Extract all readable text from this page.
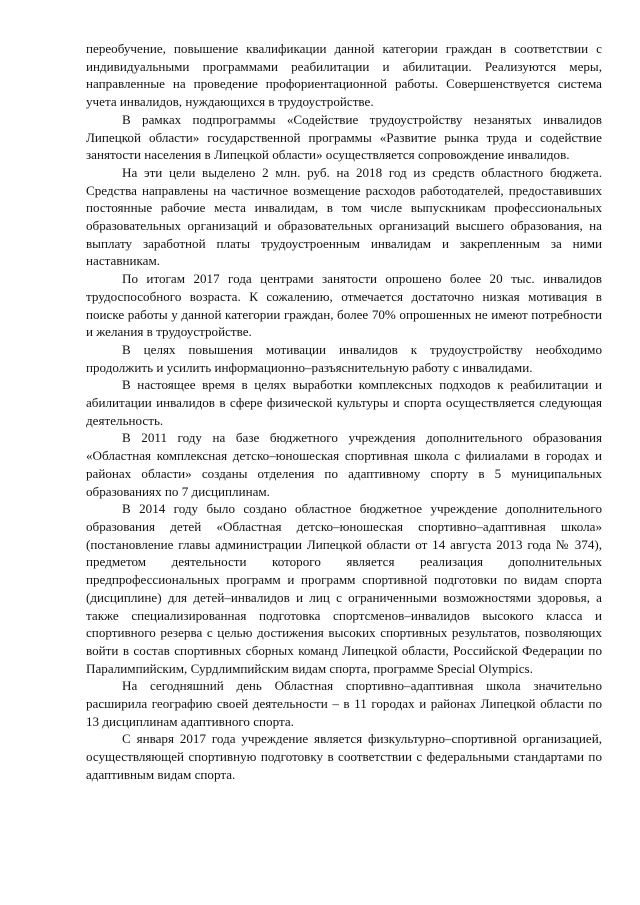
переобучение, повышение квалификации данной категории граждан в соответствии с индивидуальными программами реабилитации и абилитации. Реализуются меры, направленные на проведение профориентационной работы. Совершенствуется система учета инвалидов, нуждающихся в трудоустройстве.

В рамках подпрограммы «Содействие трудоустройству незанятых инвалидов Липецкой области» государственной программы «Развитие рынка труда и содействие занятости населения в Липецкой области» осуществляется сопровождение инвалидов.

На эти цели выделено 2 млн. руб. на 2018 год из средств областного бюджета. Средства направлены на частичное возмещение расходов работодателей, предоставивших постоянные рабочие места инвалидам, в том числе выпускникам профессиональных образовательных организаций и образовательных организаций высшего образования, на выплату заработной платы трудоустроенным инвалидам и закрепленным за ними наставникам.

По итогам 2017 года центрами занятости опрошено более 20 тыс. инвалидов трудоспособного возраста. К сожалению, отмечается достаточно низкая мотивация в поиске работы у данной категории граждан, более 70% опрошенных не имеют потребности и желания в трудоустройстве.

В целях повышения мотивации инвалидов к трудоустройству необходимо продолжить и усилить информационно–разъяснительную работу с инвалидами.

В настоящее время в целях выработки комплексных подходов к реабилитации и абилитации инвалидов в сфере физической культуры и спорта осуществляется следующая деятельность.

В 2011 году на базе бюджетного учреждения дополнительного образования «Областная комплексная детско–юношеская спортивная школа с филиалами в городах и районах области» созданы отделения по адаптивному спорту в 5 муниципальных образованиях по 7 дисциплинам.

В 2014 году было создано областное бюджетное учреждение дополнительного образования детей «Областная детско–юношеская спортивно–адаптивная школа» (постановление главы администрации Липецкой области от 14 августа 2013 года № 374), предметом деятельности которого является реализация дополнительных предпрофессиональных программ и программ спортивной подготовки по видам спорта (дисциплине) для детей–инвалидов и лиц с ограниченными возможностями здоровья, а также специализированная подготовка спортсменов–инвалидов высокого класса и спортивного резерва с целью достижения высоких спортивных результатов, позволяющих войти в состав спортивных сборных команд Липецкой области, Российской Федерации по Паралимпийским, Сурдлимпийским видам спорта, программе Special Olympics.

На сегодняшний день Областная спортивно–адаптивная школа значительно расширила географию своей деятельности – в 11 городах и районах Липецкой области по 13 дисциплинам адаптивного спорта.

С января 2017 года учреждение является физкультурно–спортивной организацией, осуществляющей спортивную подготовку в соответствии с федеральными стандартами по адаптивным видам спорта.
